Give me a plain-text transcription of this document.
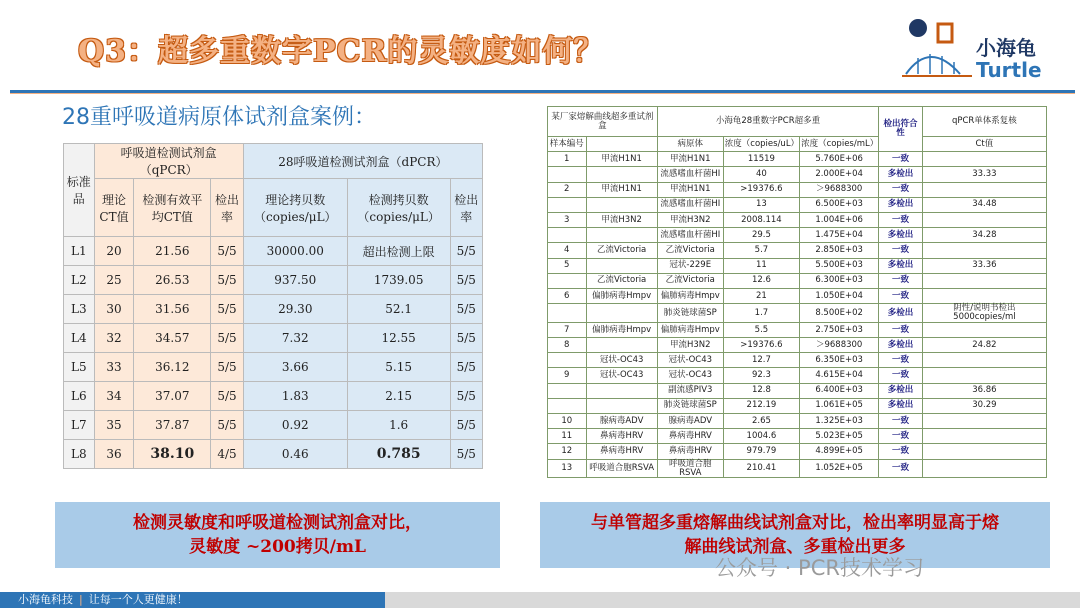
Q3：超多重数字PCR的灵敏度如何？	小海龟
Turtle
28重呼吸道病原体试剂盒案例：
标准品	呼吸道检测试剂盒（qPCR）			28呼吸道检测试剂盒（dPCR）		
	理论CT值	检测有效平均CT值	检出率	理论拷贝数（copies/μL）	检测拷贝数（copies/μL）	检出率
L1	20	21.56	5/5	30000.00	超出检测上限	5/5
L2	25	26.53	5/5	937.50	1739.05	5/5
L3	30	31.56	5/5	29.30	52.1	5/5
L4	32	34.57	5/5	7.32	12.55	5/5
L5	33	36.12	5/5	3.66	5.15	5/5
L6	34	37.07	5/5	1.83	2.15	5/5
L7	35	37.87	5/5	0.92	1.6	5/5
L8	36	38.10	4/5	0.46	0.785	5/5
某厂家熔解曲线超多重试剂盒		小海龟28重数字PCR超多重			检出符合性	qPCR单体系复核
样本编号		病原体	浓度（copies/uL）	浓度（copies/mL）		Ct值
1	甲流H1N1	甲流H1N1	11519	5.760E+06	一致	
		流感嗜血杆菌HI	40	2.000E+04	多检出	33.33
2	甲流H1N1	甲流H1N1	>19376.6	＞9688300	一致	
		流感嗜血杆菌HI	13	6.500E+03	多检出	34.48
3	甲流H3N2	甲流H3N2	2008.114	1.004E+06	一致	
		流感嗜血杆菌HI	29.5	1.475E+04	多检出	34.28
4	乙流Victoria	乙流Victoria	5.7	2.850E+03	一致	
5		冠状-229E	11	5.500E+03	多检出	33.36
	乙流Victoria	乙流Victoria	12.6	6.300E+03	一致	
6	偏肺病毒Hmpv	偏肺病毒Hmpv	21	1.050E+04	一致	
		肺炎链球菌SP	1.7	8.500E+02	多检出	阴性/说明书检出5000copies/ml
7	偏肺病毒Hmpv	偏肺病毒Hmpv	5.5	2.750E+03	一致	
8		甲流H3N2	>19376.6	＞9688300	多检出	24.82
	冠状-OC43	冠状-OC43	12.7	6.350E+03	一致	
9	冠状-OC43	冠状-OC43	92.3	4.615E+04	一致	
		副流感PIV3	12.8	6.400E+03	多检出	36.86
		肺炎链球菌SP	212.19	1.061E+05	多检出	30.29
10	腺病毒ADV	腺病毒ADV	2.65	1.325E+03	一致	
11	鼻病毒HRV	鼻病毒HRV	1004.6	5.023E+05	一致	
12	鼻病毒HRV	鼻病毒HRV	979.79	4.899E+05	一致	
13	呼吸道合胞RSVA	呼吸道合胞RSVA	210.41	1.052E+05	一致	
检测灵敏度和呼吸道检测试剂盒对比，
灵敏度 ~200拷贝/mL
与单管超多重熔解曲线试剂盒对比，检出率明显高于熔
解曲线试剂盒、多重检出更多
公众号 · PCR技术学习
小海龟科技 | 让每一个人更健康！
